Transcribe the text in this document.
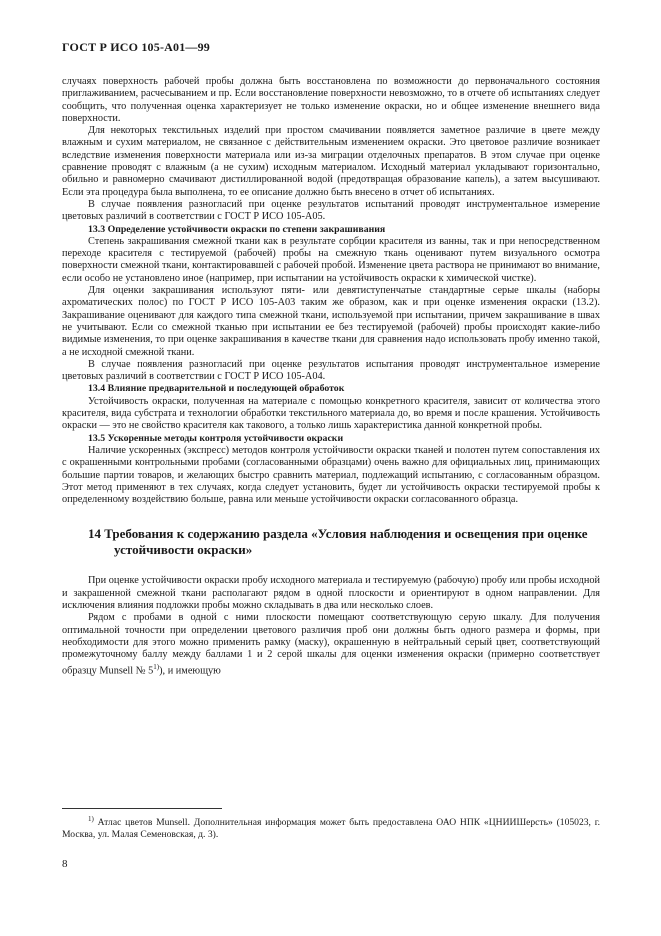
ГОСТ Р ИСО 105-A01—99

случаях поверхность рабочей пробы должна быть восстановлена по возможности до первоначального состояния приглаживанием, расчесыванием и пр. Если восстановление поверхности невозможно, то в отчете об испытаниях следует сообщить, что полученная оценка характеризует не только изменение окраски, но и общее изменение внешнего вида поверхности.

Для некоторых текстильных изделий при простом смачивании появляется заметное различие в цвете между влажным и сухим материалом, не связанное с действительным изменением окраски. Это цветовое различие возникает вследствие изменения поверхности материала или из-за миграции отделочных препаратов. В этом случае при оценке сравнение проводят с влажным (а не сухим) исходным материалом. Исходный материал укладывают горизонтально, обильно и равномерно смачивают дистиллированной водой (предотвращая образование капель), а затем высушивают. Если эта процедура была выполнена, то ее описание должно быть внесено в отчет об испытаниях.

В случае появления разногласий при оценке результатов испытаний проводят инструментальное измерение цветовых различий в соответствии с ГОСТ Р ИСО 105-A05.

13.3 Определение устойчивости окраски по степени закрашивания

Степень закрашивания смежной ткани как в результате сорбции красителя из ванны, так и при непосредственном переходе красителя с тестируемой (рабочей) пробы на смежную ткань оценивают путем визуального осмотра поверхности смежной ткани, контактировавшей с рабочей пробой. Изменение цвета раствора не принимают во внимание, если особо не установлено иное (например, при испытании на устойчивость окраски к химической чистке).

Для оценки закрашивания используют пяти- или девятиступенчатые стандартные серые шкалы (наборы ахроматических полос) по ГОСТ Р ИСО 105-A03 таким же образом, как и при оценке изменения окраски (13.2). Закрашивание оценивают для каждого типа смежной ткани, используемой при испытании, причем закрашивание в швах не учитывают. Если со смежной тканью при испытании ее без тестируемой (рабочей) пробы происходят какие-либо видимые изменения, то при оценке закрашивания в качестве ткани для сравнения надо использовать пробу именно такой, а не исходной смежной ткани.

В случае появления разногласий при оценке результатов испытания проводят инструментальное измерение цветовых различий в соответствии с ГОСТ Р ИСО 105-A04.

13.4 Влияние предварительной и последующей обработок

Устойчивость окраски, полученная на материале с помощью конкретного красителя, зависит от количества этого красителя, вида субстрата и технологии обработки текстильного материала до, во время и после крашения. Устойчивость окраски — это не свойство красителя как такового, а только лишь характеристика данной конкретной пробы.

13.5 Ускоренные методы контроля устойчивости окраски

Наличие ускоренных (экспресс) методов контроля устойчивости окраски тканей и полотен путем сопоставления их с окрашенными контрольными пробами (согласованными образцами) очень важно для официальных лиц, принимающих большие партии товаров, и желающих быстро сравнить материал, подлежащий испытанию, с согласованным образцом. Этот метод применяют в тех случаях, когда следует установить, будет ли устойчивость окраски тестируемой пробы к определенному воздействию больше, равна или меньше устойчивости окраски согласованного образца.

14 Требования к содержанию раздела «Условия наблюдения и освещения при оценке устойчивости окраски»

При оценке устойчивости окраски пробу исходного материала и тестируемую (рабочую) пробу или пробы исходной и закрашенной смежной ткани располагают рядом в одной плоскости и ориентируют в одном направлении. Для исключения влияния подложки пробы можно складывать в два или несколько слоев.

Рядом с пробами в одной с ними плоскости помещают соответствующую серую шкалу. Для получения оптимальной точности при определении цветового различия проб они должны быть одного размера и формы, при необходимости для этого можно применить рамку (маску), окрашенную в нейтральный серый цвет, соответствующий промежуточному баллу между баллами 1 и 2 серой шкалы для оценки изменения окраски (примерно соответствует образцу Munsell № 5$^{1)}$), и имеющую

$^{1)}$ Атлас цветов Munsell. Дополнительная информация может быть предоставлена ОАО НПК «ЦНИИШерсть» (105023, г. Москва, ул. Малая Семеновская, д. 3).
8
